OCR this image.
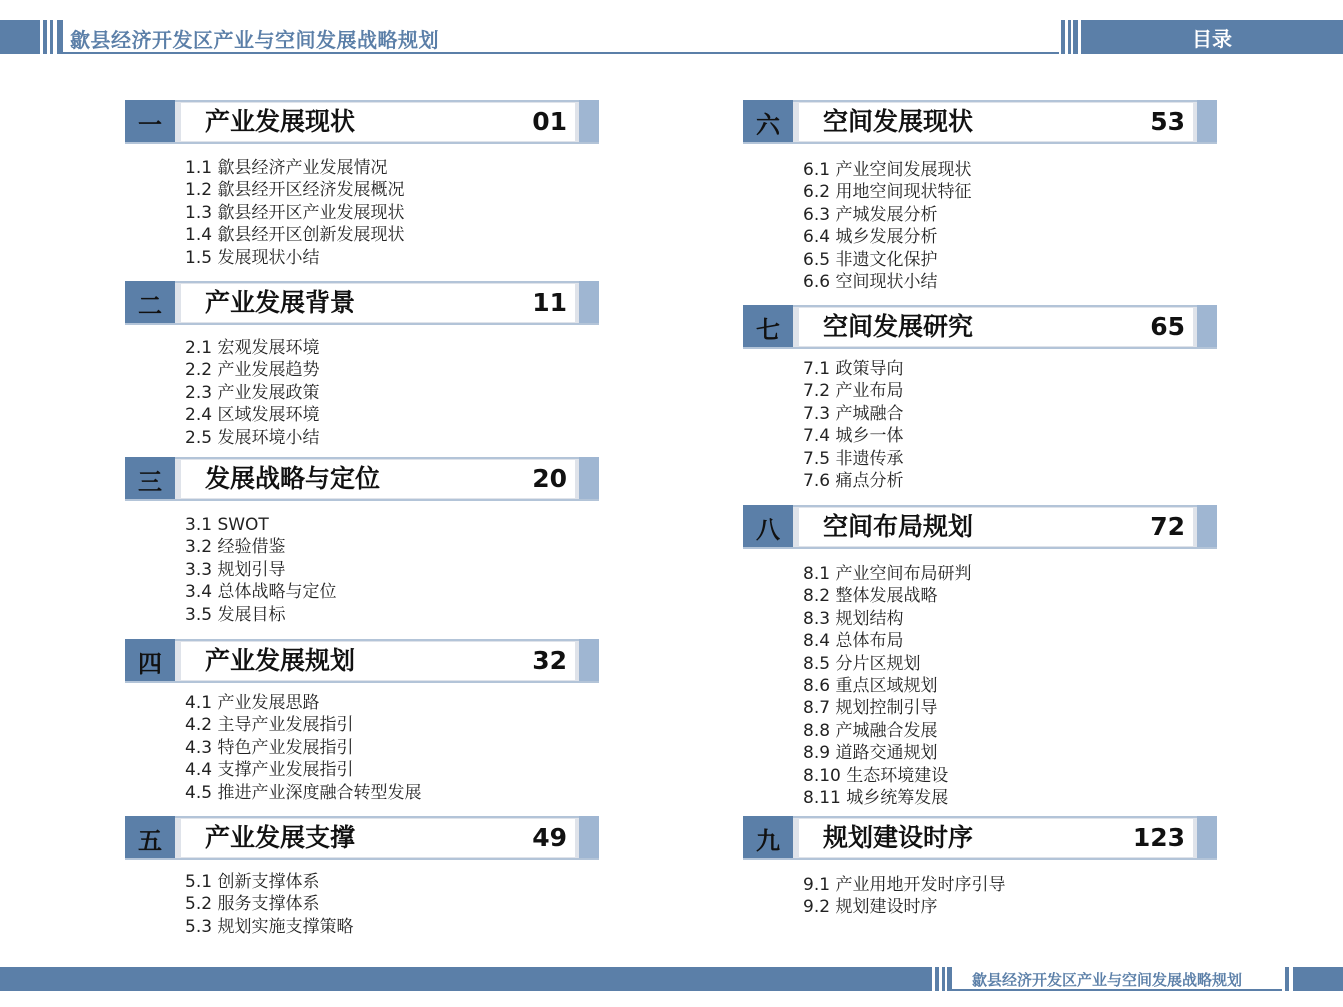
歙县经济开发区产业与空间发展战略规划	目录
一	产业发展现状	01
1.1 歙县经济产业发展情况
1.2 歙县经开区经济发展概况
1.3 歙县经开区产业发展现状
1.4 歙县经开区创新发展现状
1.5 发展现状小结
二	产业发展背景	11
2.1 宏观发展环境
2.2 产业发展趋势
2.3 产业发展政策
2.4 区域发展环境
2.5 发展环境小结
三	发展战略与定位	20
3.1 SWOT
3.2 经验借鉴
3.3 规划引导
3.4 总体战略与定位
3.5 发展目标
四	产业发展规划	32
4.1 产业发展思路
4.2 主导产业发展指引
4.3 特色产业发展指引
4.4 支撑产业发展指引
4.5 推进产业深度融合转型发展
五	产业发展支撑	49
5.1 创新支撑体系
5.2 服务支撑体系
5.3 规划实施支撑策略
六	空间发展现状	53
6.1 产业空间发展现状
6.2 用地空间现状特征
6.3 产城发展分析
6.4 城乡发展分析
6.5 非遗文化保护
6.6 空间现状小结
七	空间发展研究	65
7.1 政策导向
7.2 产业布局
7.3 产城融合
7.4 城乡一体
7.5 非遗传承
7.6 痛点分析
八	空间布局规划	72
8.1 产业空间布局研判
8.2 整体发展战略
8.3 规划结构
8.4 总体布局
8.5 分片区规划
8.6 重点区域规划
8.7 规划控制引导
8.8 产城融合发展
8.9 道路交通规划
8.10 生态环境建设
8.11 城乡统筹发展
九	规划建设时序	123
9.1 产业用地开发时序引导
9.2 规划建设时序
歙县经济开发区产业与空间发展战略规划
